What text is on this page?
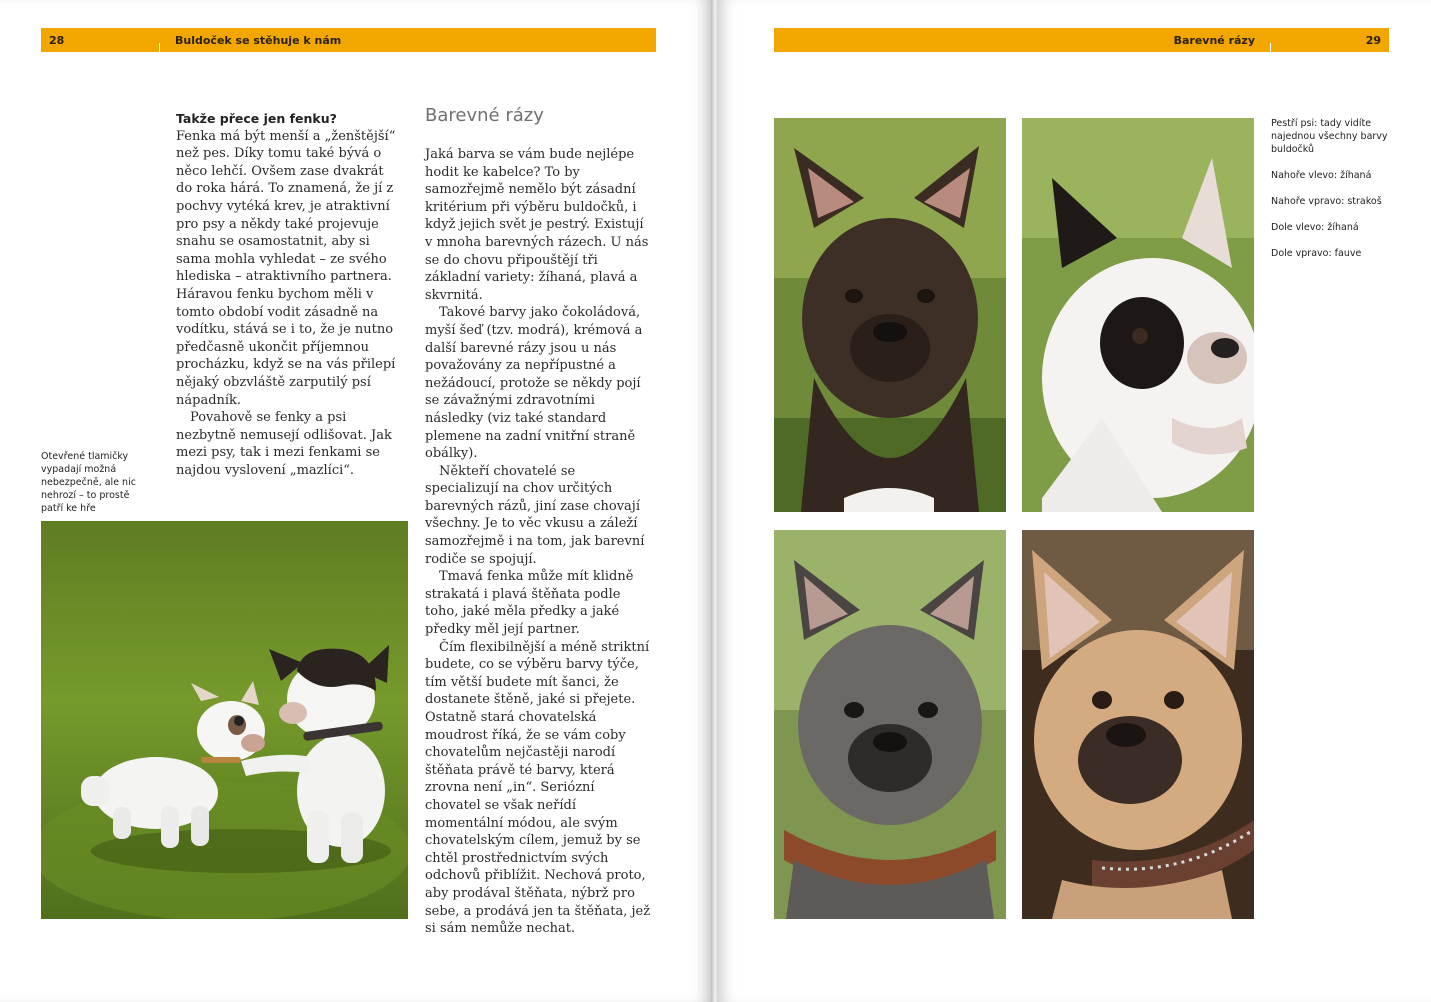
28	Buldoček se stěhuje k nám
Takže přece jen fenku?

Fenka má být menší a „ženštější“ než pes. Díky tomu také bývá o něco lehčí. Ovšem zase dvakrát do roka hárá. To znamená, že jí z pochvy vytéká krev, je atraktivní pro psy a někdy také projevuje snahu se osamostatnit, aby si sama mohla vyhledat – ze svého hlediska – atraktivního partnera. Háravou fenku bychom měli v tomto období vodit zásadně na vodítku, stává se i to, že je nutno předčasně ukončit příjemnou procházku, když se na vás přilepí nějaký obzvláště zarputilý psí nápadník.

Povahově se fenky a psi nezbytně nemusejí odlišovat. Jak mezi psy, tak i mezi fenkami se najdou vyslovení „mazlíci“.

Otevřené tlamičky vypadají možná nebezpečně, ale nic nehrozí – to prostě patří ke hře
Barevné rázy

Jaká barva se vám bude nejlépe hodit ke kabelce? To by samozřejmě nemělo být zásadní kritérium při výběru buldočků, i když jejich svět je pestrý. Existují v mnoha barevných rázech. U nás se do chovu připouštějí tři základní variety: žíhaná, plavá a skvrnitá.

Takové barvy jako čokoládová, myší šeď (tzv. modrá), krémová a další barevné rázy jsou u nás považovány za nepřípustné a nežádoucí, protože se někdy pojí se závažnými zdravotními následky (viz také standard plemene na zadní vnitřní straně obálky).

Někteří chovatelé se specializují na chov určitých barevných rázů, jiní zase chovají všechny. Je to věc vkusu a záleží samozřejmě i na tom, jak barevní rodiče se spojují.

Tmavá fenka může mít klidně strakatá i plavá štěňata podle toho, jaké měla předky a jaké předky měl její partner.

Čím flexibilnější a méně striktní budete, co se výběru barvy týče, tím větší budete mít šanci, že dostanete štěně, jaké si přejete. Ostatně stará chovatelská moudrost říká, že se vám coby chovatelům nejčastěji narodí štěňata právě té barvy, která zrovna není „in“. Seriózní chovatel se však neřídí momentální módou, ale svým chovatelským cílem, jemuž by se chtěl prostřednictvím svých odchovů přiblížit. Nechová proto, aby prodával štěňata, nýbrž pro sebe, a prodává jen ta štěňata, jež si sám nemůže nechat.

Barevné rázy	29

Pestří psi: tady vidíte najednou všechny barvy buldočků

Nahoře vlevo: žíhaná

Nahoře vpravo: strakoš

Dole vlevo: žíhaná

Dole vpravo: fauve
